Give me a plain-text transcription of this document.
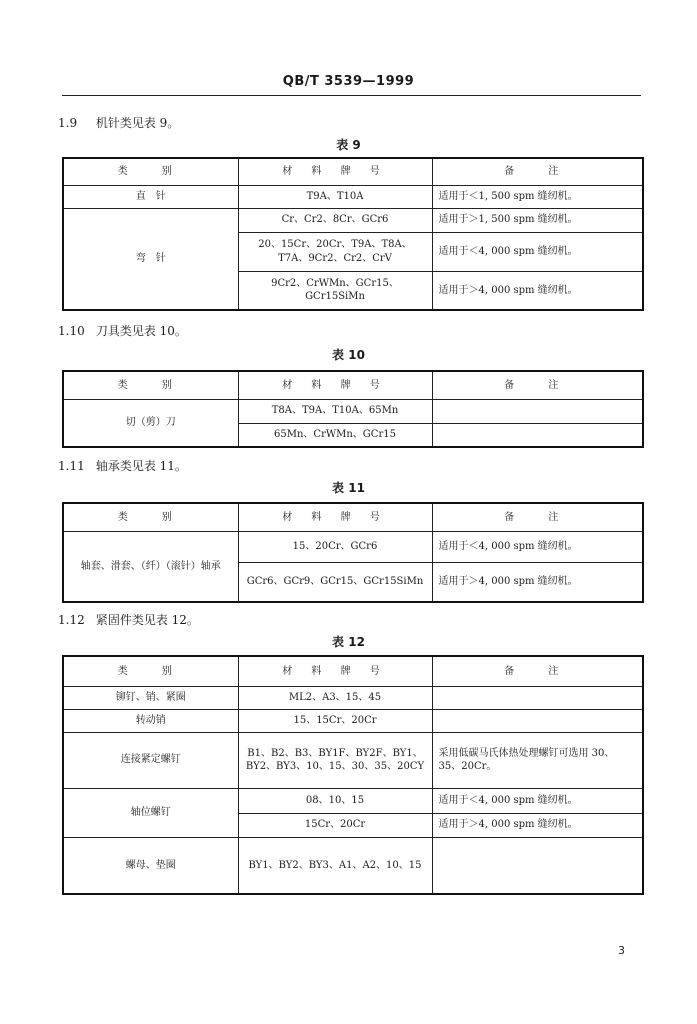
QB/T 3539—1999
1.9 机针类见表 9。
表 9
类　别	材 料 牌 号	备　注
直　针	T9A、T10A	适用于＜1, 500 spm 缝纫机。
弯　针	Cr、Cr2、8Cr、GCr6	适用于＞1, 500 spm 缝纫机。
	20、15Cr、20Cr、T9A、T8A、T7A、9Cr2、Cr2、CrV	适用于＜4, 000 spm 缝纫机。
	9Cr2、CrWMn、GCr15、GCr15SiMn	适用于＞4, 000 spm 缝纫机。
1.10 刀具类见表 10。
表 10
类　别	材 料 牌 号	备　注
切（剪）刀	T8A、T9A、T10A、65Mn	
	65Mn、CrWMn、GCr15	
1.11 轴承类见表 11。
表 11
类　别	材 料 牌 号	备　注
轴套、滑套、（纤）（滚针）轴承	15、20Cr、GCr6	适用于＜4, 000 spm 缝纫机。
	GCr6、GCr9、GCr15、GCr15SiMn	适用于＞4, 000 spm 缝纫机。
1.12 紧固件类见表 12。
表 12
类　别	材 料 牌 号	备　注
铆钉、销、紧圈	ML2、A3、15、45	
转动销	15、15Cr、20Cr	
连接紧定螺钉	B1、B2、B3、BY1F、BY2F、BY1、BY2、BY3、10、15、30、35、20CY	采用低碳马氏体热处理螺钉可选用 30、35、20Cr。
轴位螺钉	08、10、15	适用于＜4, 000 spm 缝纫机。
	15Cr、20Cr	适用于＞4, 000 spm 缝纫机。
螺母、垫圈	BY1、BY2、BY3、A1、A2、10、15	
3
